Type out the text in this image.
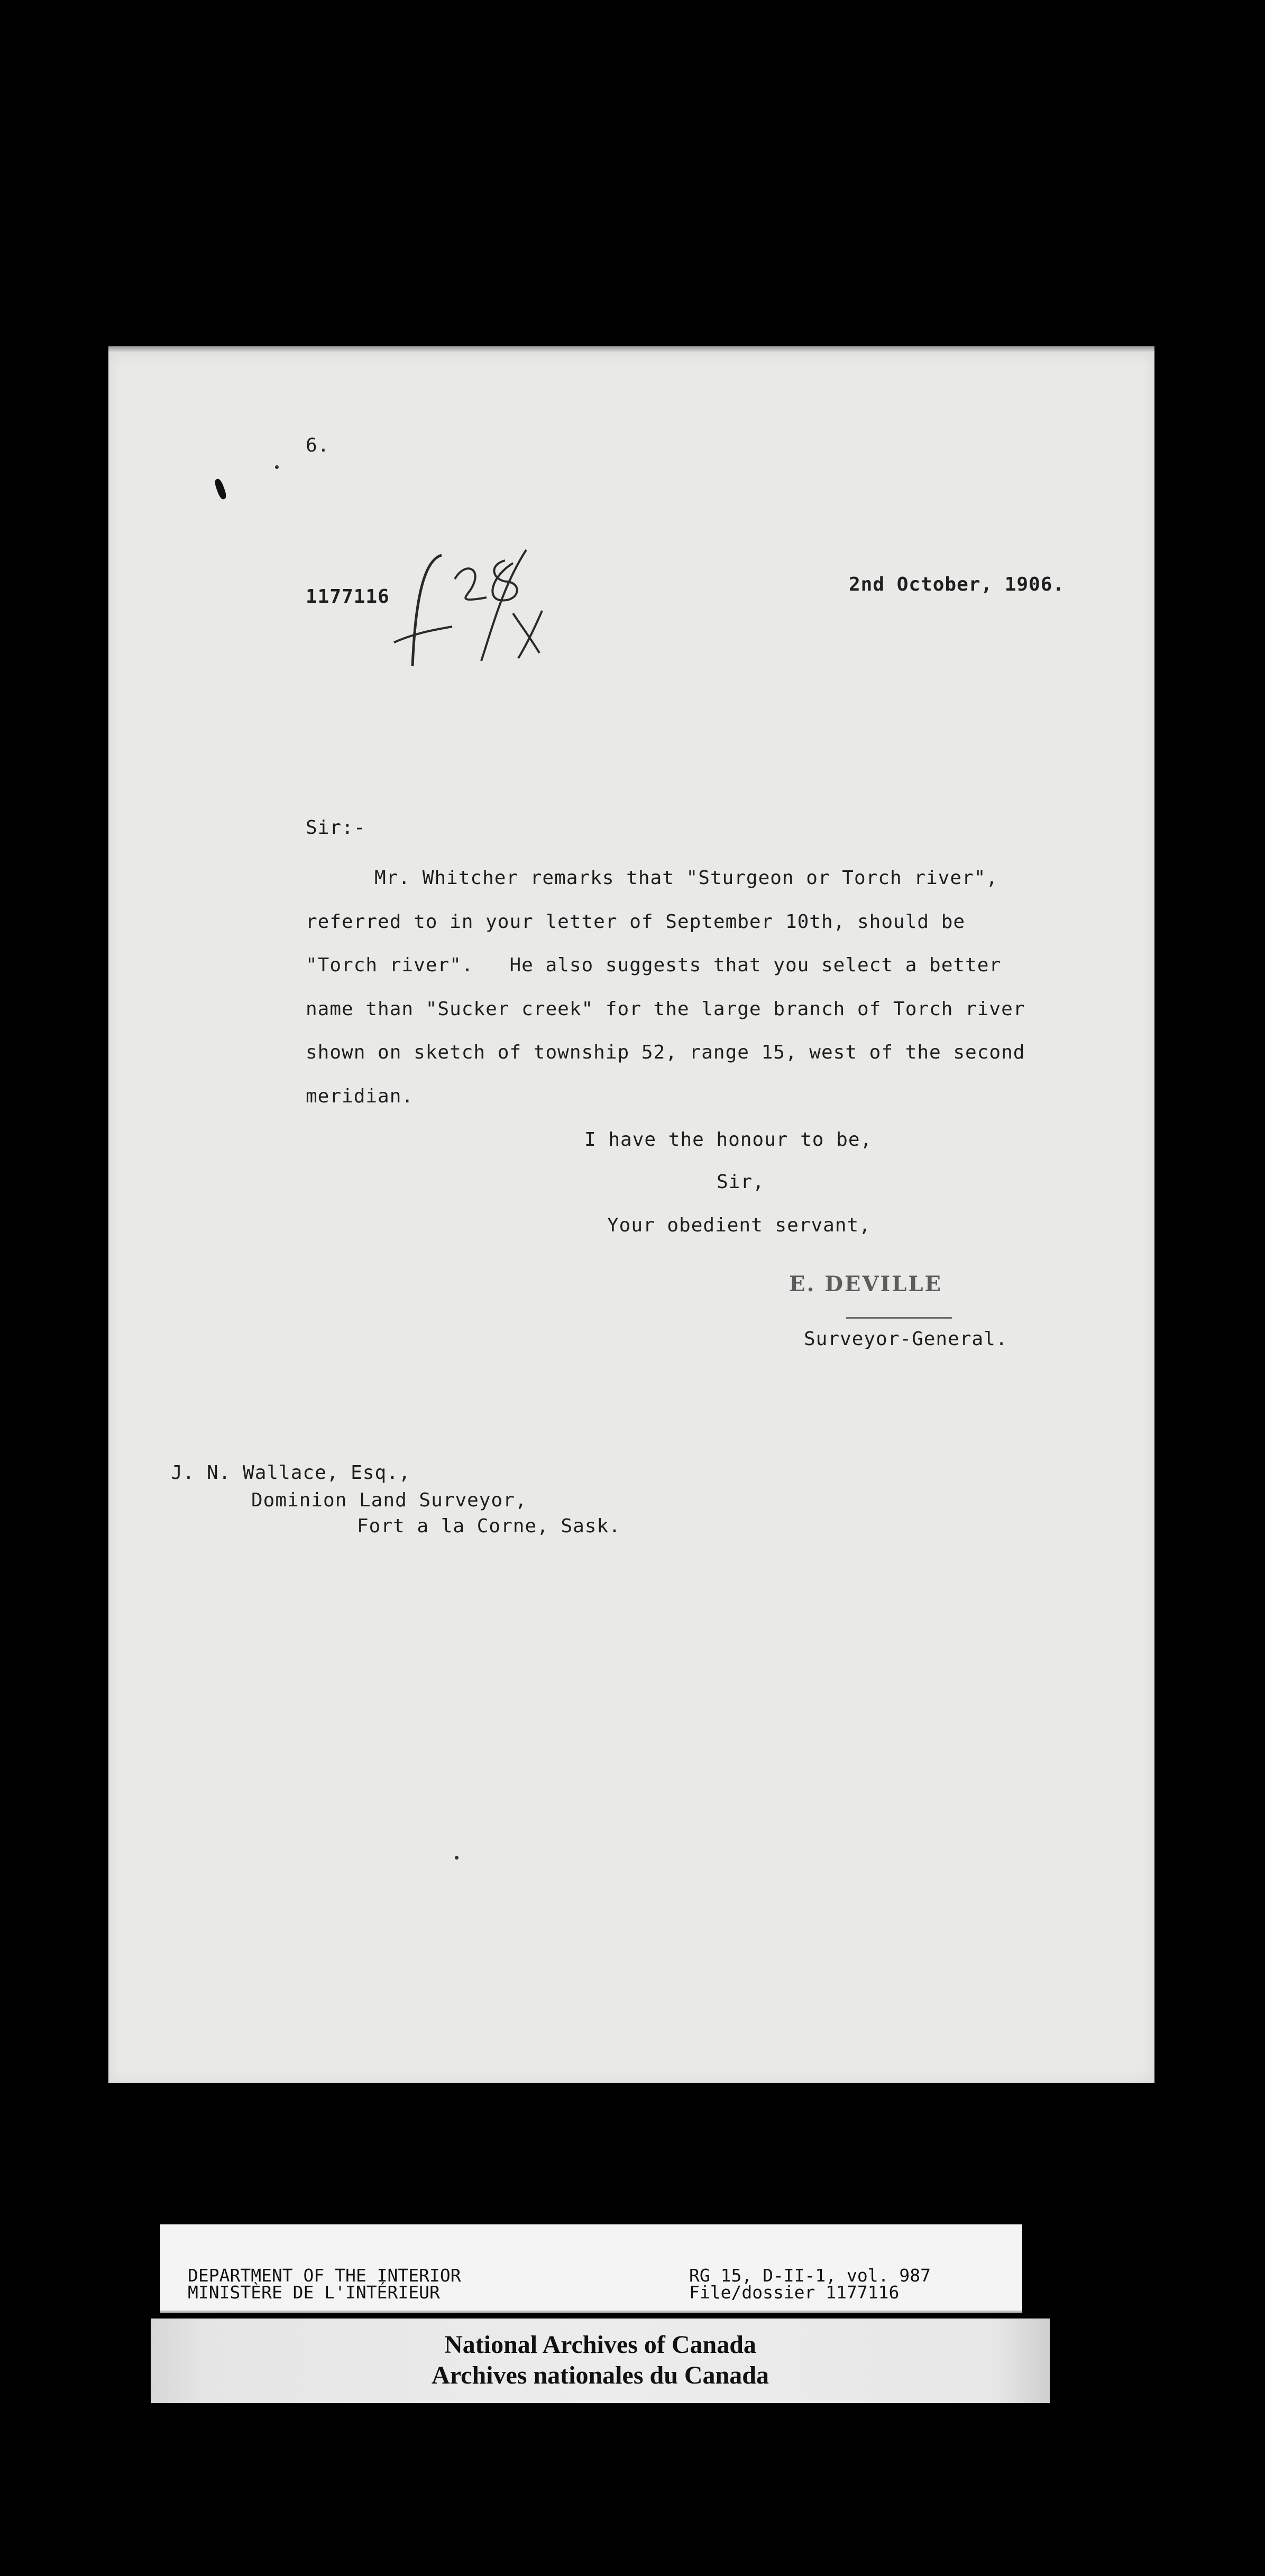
6.
1177116
2nd October, 1906.
Sir:-
Mr. Whitcher remarks that "Sturgeon or Torch river",
referred to in your letter of September 10th, should be
"Torch river".   He also suggests that you select a better
name than "Sucker creek" for the large branch of Torch river
shown on sketch of township 52, range 15, west of the second
meridian.
I have the honour to be,
Sir,
Your obedient servant,
E. DEVILLE
Surveyor-General.
J. N. Wallace, Esq.,
Dominion Land Surveyor,
Fort a la Corne, Sask.
DEPARTMENT OF THE INTERIOR
MINISTÈRE DE L'INTÉRIEUR
RG 15, D-II-1, vol. 987
File/dossier 1177116
National Archives of Canada
Archives nationales du Canada
